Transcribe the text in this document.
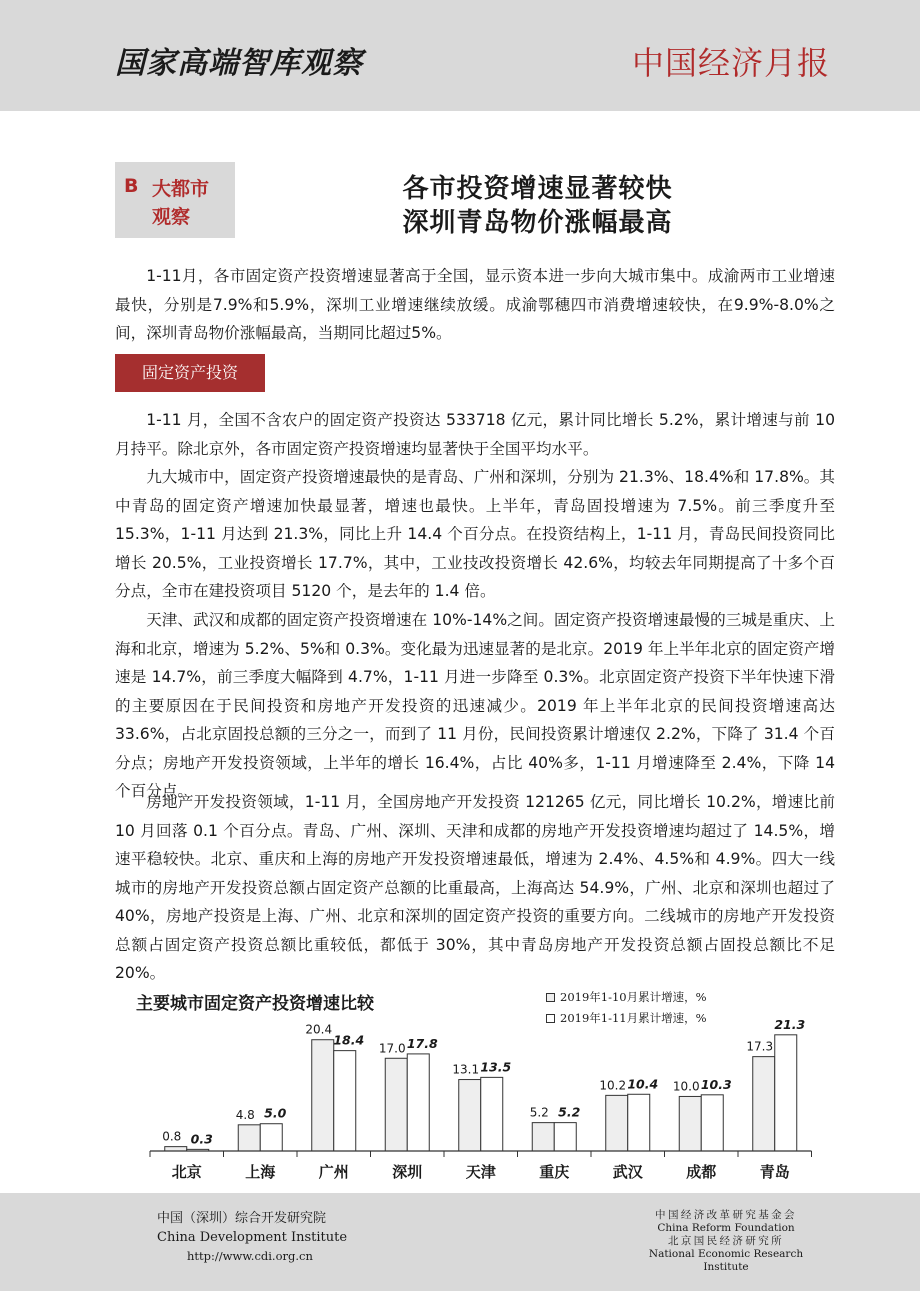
国家高端智库观察	中国经济月报
B 大都市
观察
各市投资增速显著较快
深圳青岛物价涨幅最高
1-11月，各市固定资产投资增速显著高于全国，显示资本进一步向大城市集中。成渝两市工业增速最快，分别是7.9%和5.9%，深圳工业增速继续放缓。成渝鄂穗四市消费增速较快，在9.9%-8.0%之间，深圳青岛物价涨幅最高，当期同比超过5%。
固定资产投资
1-11 月，全国不含农户的固定资产投资达 533718 亿元，累计同比增长 5.2%，累计增速与前 10 月持平。除北京外，各市固定资产投资增速均显著快于全国平均水平。
九大城市中，固定资产投资增速最快的是青岛、广州和深圳，分别为 21.3%、18.4%和 17.8%。其中青岛的固定资产增速加快最显著，增速也最快。上半年，青岛固投增速为 7.5%。前三季度升至 15.3%，1-11 月达到 21.3%，同比上升 14.4 个百分点。在投资结构上，1-11 月，青岛民间投资同比增长 20.5%，工业投资增长 17.7%，其中，工业技改投资增长 42.6%，均较去年同期提高了十多个百分点，全市在建投资项目 5120 个，是去年的 1.4 倍。
天津、武汉和成都的固定资产投资增速在 10%-14%之间。固定资产投资增速最慢的三城是重庆、上海和北京，增速为 5.2%、5%和 0.3%。变化最为迅速显著的是北京。2019 年上半年北京的固定资产增速是 14.7%，前三季度大幅降到 4.7%，1-11 月进一步降至 0.3%。北京固定资产投资下半年快速下滑的主要原因在于民间投资和房地产开发投资的迅速减少。2019 年上半年北京的民间投资增速高达 33.6%，占北京固投总额的三分之一，而到了 11 月份，民间投资累计增速仅 2.2%，下降了 31.4 个百分点；房地产开发投资领域，上半年的增长 16.4%，占比 40%多，1-11 月增速降至 2.4%，下降 14 个百分点。
房地产开发投资领域，1-11 月，全国房地产开发投资 121265 亿元，同比增长 10.2%，增速比前 10 月回落 0.1 个百分点。青岛、广州、深圳、天津和成都的房地产开发投资增速均超过了 14.5%，增速平稳较快。北京、重庆和上海的房地产开发投资增速最低，增速为 2.4%、4.5%和 4.9%。四大一线城市的房地产开发投资总额占固定资产总额的比重最高，上海高达 54.9%，广州、北京和深圳也超过了 40%，房地产投资是上海、广州、北京和深圳的固定资产投资的重要方向。二线城市的房地产开发投资总额占固定资产投资总额比重较低，都低于 30%，其中青岛房地产开发投资总额占固投总额比不足 20%。
主要城市固定资产投资增速比较	2019年1-10月累计增速，%
2019年1-11月累计增速，%
0.8 0.3
北京
4.8 5.0
上海
20.4
18.4
广州
17.0 17.8
深圳
13.1 13.5
天津
5.2 5.2
重庆
10.2 10.4
武汉
10.0 10.3
成都
17.3
21.3
青岛
中国（深圳）综合开发研究院
China Development Institute
http://www.cdi.org.cn
中国经济改革研究基金会
China Reform Foundation
北京国民经济研究所
National Economic Research Institute
